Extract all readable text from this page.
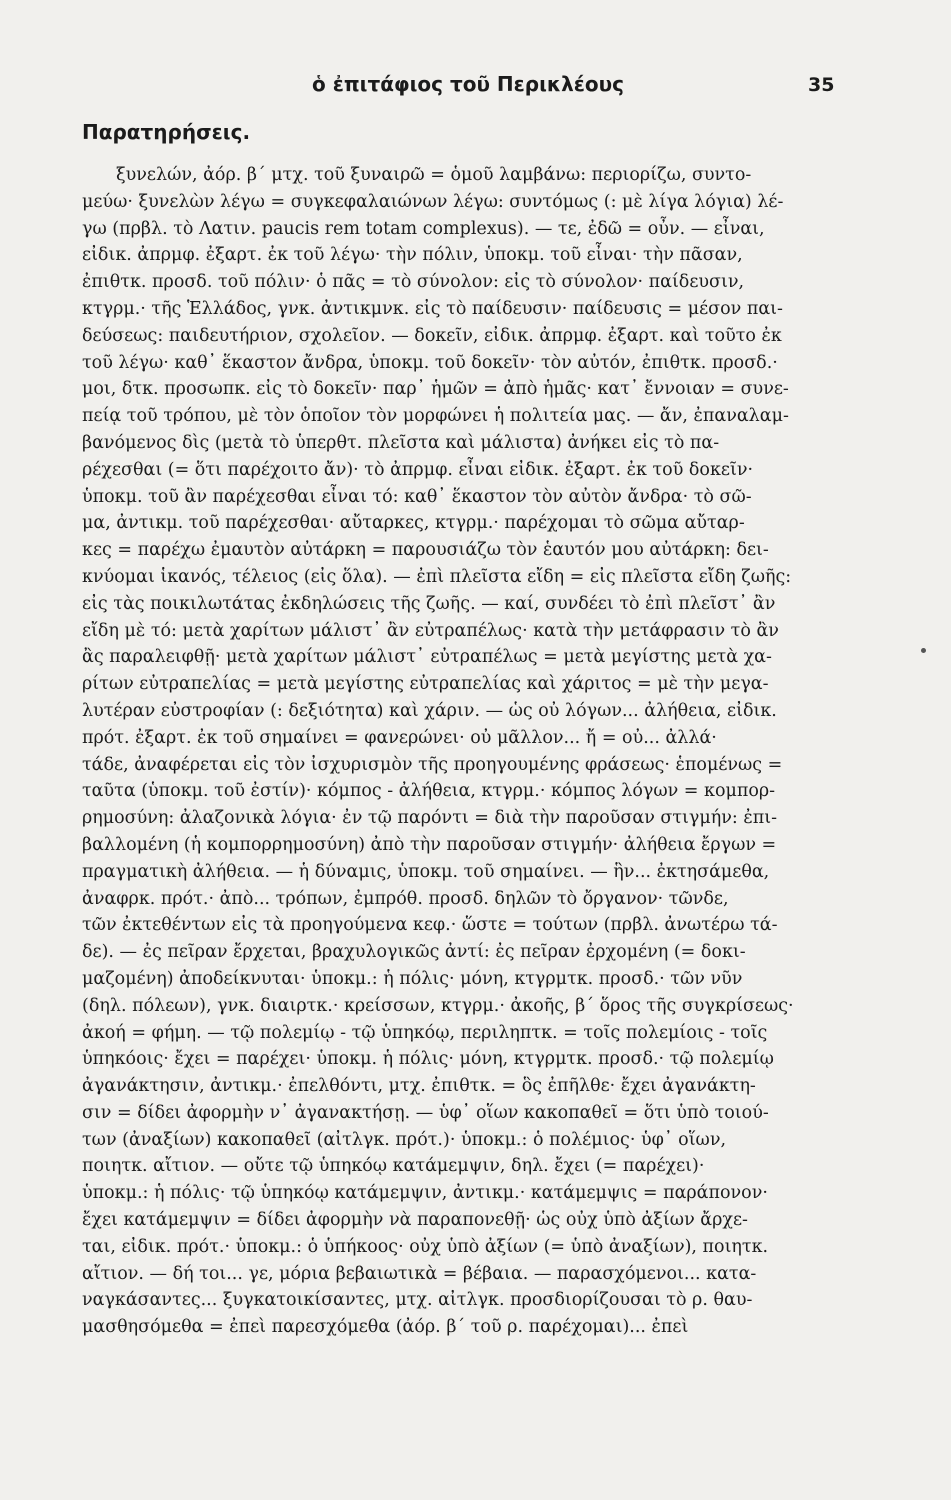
ὁ ἐπιτάφιος τοῦ Περικλέους	35
Παρατηρήσεις.
ξυνελών, ἀόρ. β΄ μτχ. τοῦ ξυναιρῶ = ὁμοῦ λαμβάνω: περιορίζω, συντο-
μεύω· ξυνελὼν λέγω = συγκεφαλαιώνων λέγω: συντόμως (: μὲ λίγα λόγια) λέ-
γω (πρβλ. τὸ Λατιν. paucis rem totam complexus). — τε, ἐδῶ = οὖν. — εἶναι,
εἰδικ. ἀπρμφ. ἐξαρτ. ἐκ τοῦ λέγω· τὴν πόλιν, ὑποκμ. τοῦ εἶναι· τὴν πᾶσαν,
ἐπιθτκ. προσδ. τοῦ πόλιν· ὁ πᾶς = τὸ σύνολον: εἰς τὸ σύνολον· παίδευσιν,
κτγρμ.· τῆς Ἑλλάδος, γνκ. ἀντικμνκ. εἰς τὸ παίδευσιν· παίδευσις = μέσον παι-
δεύσεως: παιδευτήριον, σχολεῖον. — δοκεῖν, εἰδικ. ἀπρμφ. ἐξαρτ. καὶ τοῦτο ἐκ
τοῦ λέγω· καθ᾽ ἕκαστον ἄνδρα, ὑποκμ. τοῦ δοκεῖν· τὸν αὐτόν, ἐπιθτκ. προσδ.·
μοι, δτκ. προσωπκ. εἰς τὸ δοκεῖν· παρ᾽ ἡμῶν = ἀπὸ ἡμᾶς· κατ᾽ ἔννοιαν = συνε-
πείᾳ τοῦ τρόπου, μὲ τὸν ὁποῖον τὸν μορφώνει ἡ πολιτεία μας. — ἄν, ἐπαναλαμ-
βανόμενος δὶς (μετὰ τὸ ὑπερθτ. πλεῖστα καὶ μάλιστα) ἀνήκει εἰς τὸ πα-
ρέχεσθαι (= ὅτι παρέχοιτο ἄν)· τὸ ἀπρμφ. εἶναι εἰδικ. ἐξαρτ. ἐκ τοῦ δοκεῖν·
ὑποκμ. τοῦ ἂν παρέχεσθαι εἶναι τό: καθ᾽ ἕκαστον τὸν αὐτὸν ἄνδρα· τὸ σῶ-
μα, ἀντικμ. τοῦ παρέχεσθαι· αὔταρκες, κτγρμ.· παρέχομαι τὸ σῶμα αὔταρ-
κες = παρέχω ἐμαυτὸν αὐτάρκη = παρουσιάζω τὸν ἑαυτόν μου αὐτάρκη: δει-
κνύομαι ἱκανός, τέλειος (εἰς ὅλα). — ἐπὶ πλεῖστα εἴδη = εἰς πλεῖστα εἴδη ζωῆς:
εἰς τὰς ποικιλωτάτας ἐκδηλώσεις τῆς ζωῆς. — καί, συνδέει τὸ ἐπὶ πλεῖστ᾽ ἂν
εἴδη μὲ τό: μετὰ χαρίτων μάλιστ᾽ ἂν εὐτραπέλως· κατὰ τὴν μετάφρασιν τὸ ἂν
ἂς παραλειφθῇ· μετὰ χαρίτων μάλιστ᾽ εὐτραπέλως = μετὰ μεγίστης μετὰ χα-
ρίτων εὐτραπελίας = μετὰ μεγίστης εὐτραπελίας καὶ χάριτος = μὲ τὴν μεγα-
λυτέραν εὐστροφίαν (: δεξιότητα) καὶ χάριν. — ὡς οὐ λόγων... ἀλήθεια, εἰδικ.
πρότ. ἐξαρτ. ἐκ τοῦ σημαίνει = φανερώνει· οὐ μᾶλλον... ἤ = οὐ... ἀλλά·
τάδε, ἀναφέρεται εἰς τὸν ἰσχυρισμὸν τῆς προηγουμένης φράσεως· ἑπομένως =
ταῦτα (ὑποκμ. τοῦ ἐστίν)· κόμπος - ἀλήθεια, κτγρμ.· κόμπος λόγων = κομπορ-
ρημοσύνη: ἀλαζονικὰ λόγια· ἐν τῷ παρόντι = διὰ τὴν παροῦσαν στιγμήν: ἐπι-
βαλλομένη (ἡ κομπορρημοσύνη) ἀπὸ τὴν παροῦσαν στιγμήν· ἀλήθεια ἔργων =
πραγματικὴ ἀλήθεια. — ἡ δύναμις, ὑποκμ. τοῦ σημαίνει. — ἣν... ἐκτησάμεθα,
ἀναφρκ. πρότ.· ἀπὸ... τρόπων, ἐμπρόθ. προσδ. δηλῶν τὸ ὄργανον· τῶνδε,
τῶν ἐκτεθέντων εἰς τὰ προηγούμενα κεφ.· ὥστε = τούτων (πρβλ. ἀνωτέρω τά-
δε). — ἐς πεῖραν ἔρχεται, βραχυλογικῶς ἀντί: ἐς πεῖραν ἐρχομένη (= δοκι-
μαζομένη) ἀποδείκνυται· ὑποκμ.: ἡ πόλις· μόνη, κτγρμτκ. προσδ.· τῶν νῦν
(δηλ. πόλεων), γνκ. διαιρτκ.· κρείσσων, κτγρμ.· ἀκοῆς, β΄ ὅρος τῆς συγκρίσεως·
ἀκοή = φήμη. — τῷ πολεμίῳ - τῷ ὑπηκόῳ, περιληπτκ. = τοῖς πολεμίοις - τοῖς
ὑπηκόοις· ἔχει = παρέχει· ὑποκμ. ἡ πόλις· μόνη, κτγρμτκ. προσδ.· τῷ πολεμίῳ
ἀγανάκτησιν, ἀντικμ.· ἐπελθόντι, μτχ. ἐπιθτκ. = ὃς ἐπῆλθε· ἔχει ἀγανάκτη-
σιν = δίδει ἀφορμὴν ν᾽ ἀγανακτήσῃ. — ὑφ᾽ οἵων κακοπαθεῖ = ὅτι ὑπὸ τοιού-
των (ἀναξίων) κακοπαθεῖ (αἰτλγκ. πρότ.)· ὑποκμ.: ὁ πολέμιος· ὑφ᾽ οἵων,
ποιητκ. αἴτιον. — οὔτε τῷ ὑπηκόῳ κατάμεμψιν, δηλ. ἔχει (= παρέχει)·
ὑποκμ.: ἡ πόλις· τῷ ὑπηκόῳ κατάμεμψιν, ἀντικμ.· κατάμεμψις = παράπονον·
ἔχει κατάμεμψιν = δίδει ἀφορμὴν νὰ παραπονεθῇ· ὡς οὐχ ὑπὸ ἀξίων ἄρχε-
ται, εἰδικ. πρότ.· ὑποκμ.: ὁ ὑπήκοος· οὐχ ὑπὸ ἀξίων (= ὑπὸ ἀναξίων), ποιητκ.
αἴτιον. — δή τοι... γε, μόρια βεβαιωτικὰ = βέβαια. — παρασχόμενοι... κατα-
ναγκάσαντες... ξυγκατοικίσαντες, μτχ. αἰτλγκ. προσδιορίζουσαι τὸ ρ. θαυ-
μασθησόμεθα = ἐπεὶ παρεσχόμεθα (ἀόρ. β΄ τοῦ ρ. παρέχομαι)... ἐπεὶ
